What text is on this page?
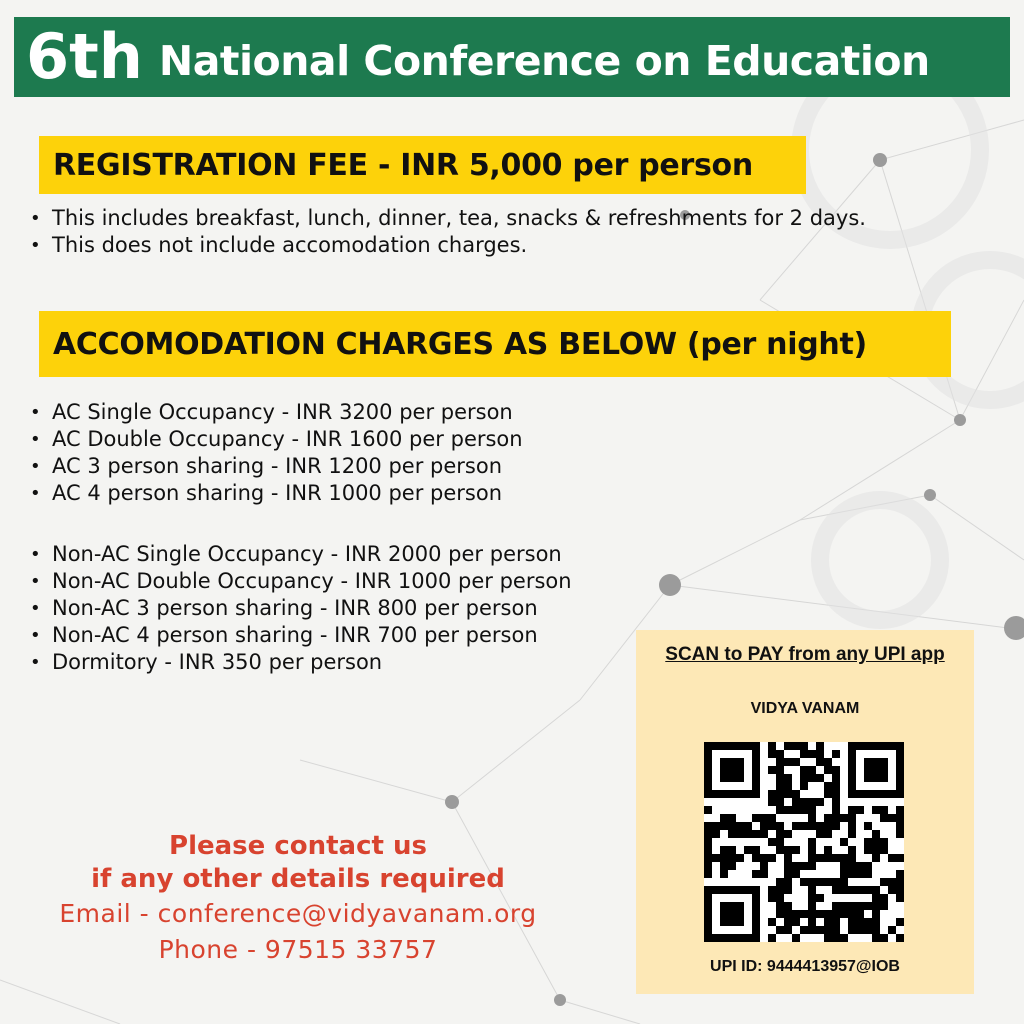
6th National Conference on Education
REGISTRATION FEE - INR 5,000 per person
• This includes breakfast, lunch, dinner, tea, snacks & refreshments for 2 days.
• This does not include accomodation charges.
ACCOMODATION CHARGES AS BELOW (per night)
• AC Single Occupancy - INR 3200 per person
• AC Double Occupancy - INR 1600 per person
• AC 3 person sharing - INR 1200 per person
• AC 4 person sharing - INR 1000 per person
• Non-AC Single Occupancy - INR 2000 per person
• Non-AC Double Occupancy - INR 1000 per person
• Non-AC 3 person sharing - INR 800 per person
• Non-AC 4 person sharing - INR 700 per person
• Dormitory - INR 350 per person
Please contact us
if any other details required
Email - conference@vidyavanam.org
Phone - 97515 33757
SCAN to PAY from any UPI app
VIDYA VANAM
UPI ID: 9444413957@IOB
